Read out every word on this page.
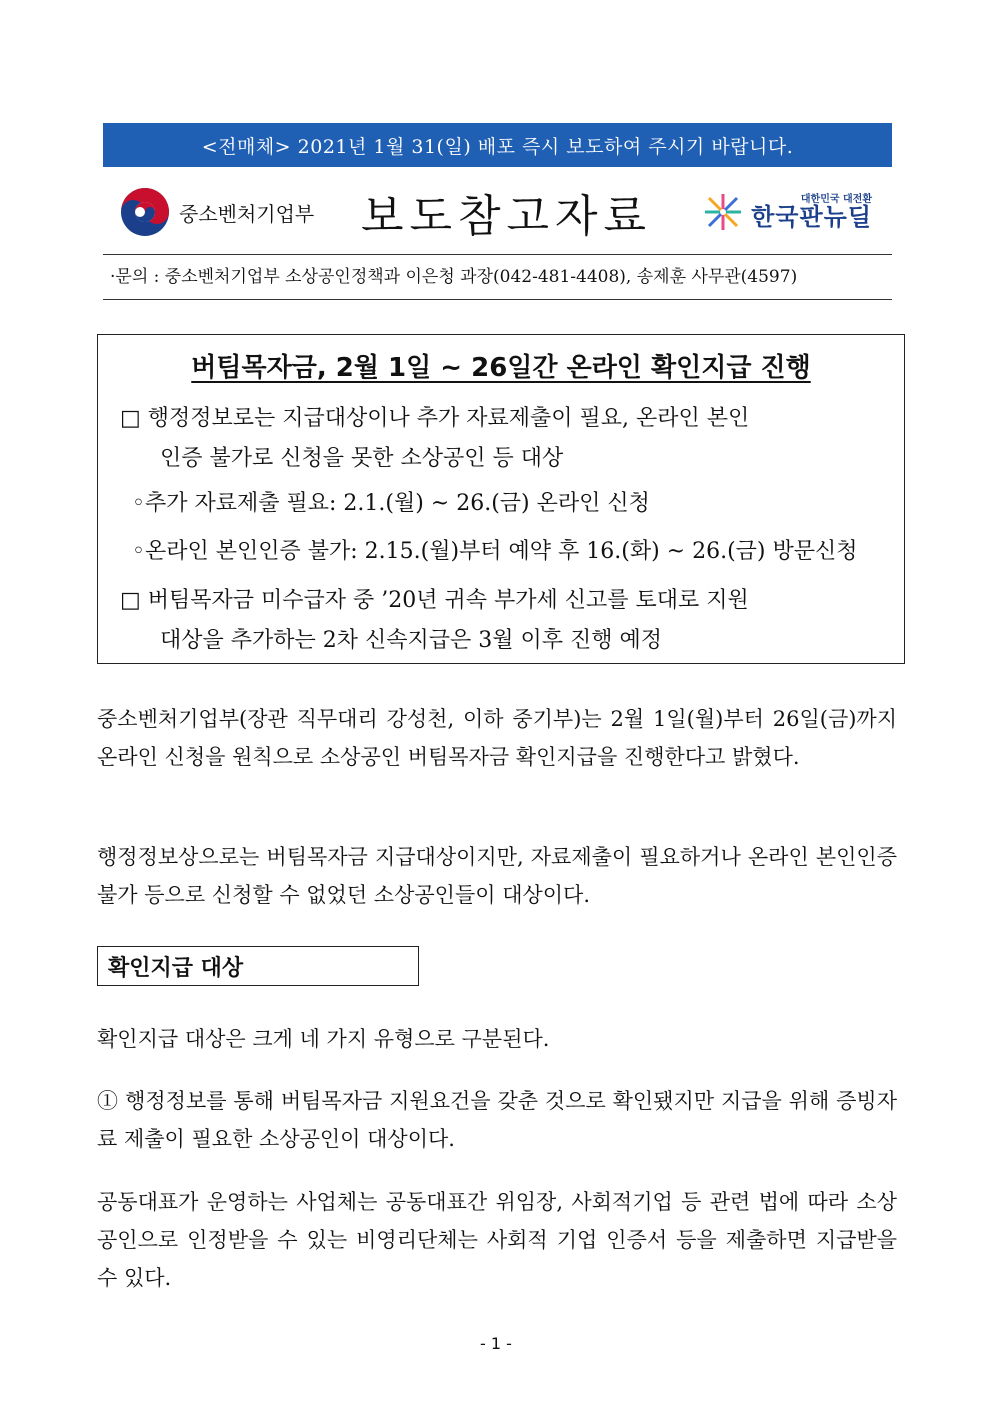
<전매체> 2021년 1월 31(일) 배포 즉시 보도하여 주시기 바랍니다.
중소벤처기업부 보도참고자료	대한민국 대전환
한국판뉴딜
·문의 : 중소벤처기업부 소상공인정책과 이은청 과장(042-481-4408), 송제훈 사무관(4597)
버팀목자금, 2월 1일 ~ 26일간 온라인 확인지급 진행
□ 행정정보로는 지급대상이나 추가 자료제출이 필요, 온라인 본인
인증 불가로 신청을 못한 소상공인 등 대상
◦추가 자료제출 필요: 2.1.(월) ~ 26.(금) 온라인 신청
◦온라인 본인인증 불가: 2.15.(월)부터 예약 후 16.(화) ~ 26.(금) 방문신청
□ 버팀목자금 미수급자 중 ’20년 귀속 부가세 신고를 토대로 지원
대상을 추가하는 2차 신속지급은 3월 이후 진행 예정
중소벤처기업부(장관 직무대리 강성천, 이하 중기부)는 2월 1일(월)부터 26일(금)까지 온라인 신청을 원칙으로 소상공인 버팀목자금 확인지급을 진행한다고 밝혔다.
행정정보상으로는 버팀목자금 지급대상이지만, 자료제출이 필요하거나 온라인 본인인증 불가 등으로 신청할 수 없었던 소상공인들이 대상이다.
확인지급 대상
확인지급 대상은 크게 네 가지 유형으로 구분된다.
① 행정정보를 통해 버팀목자금 지원요건을 갖춘 것으로 확인됐지만 지급을 위해 증빙자료 제출이 필요한 소상공인이 대상이다.
공동대표가 운영하는 사업체는 공동대표간 위임장, 사회적기업 등 관련 법에 따라 소상공인으로 인정받을 수 있는 비영리단체는 사회적 기업 인증서 등을 제출하면 지급받을 수 있다.
- 1 -
